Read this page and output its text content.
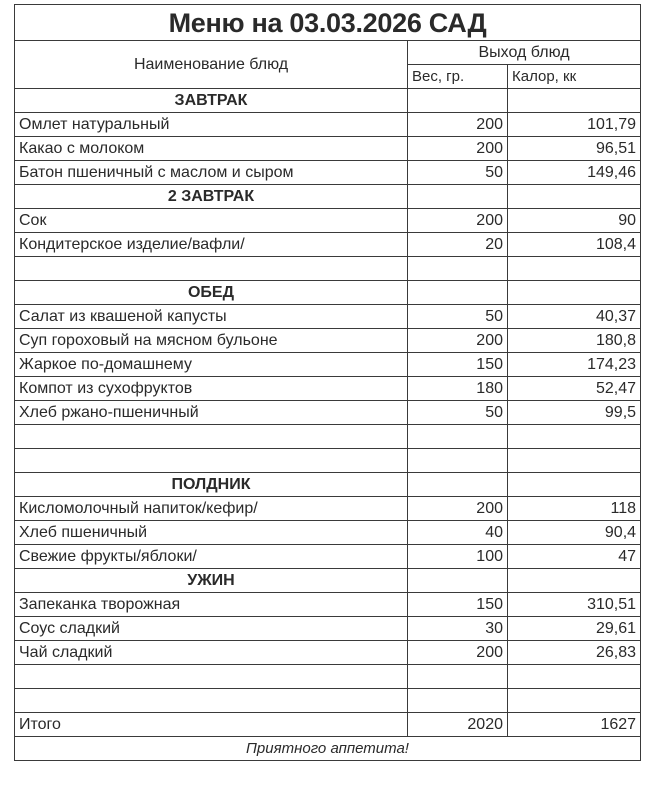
Меню на 03.03.2026 САД		
Наименование блюд	Выход блюд	
	Вес, гр.	Калор, кк
ЗАВТРАК		
Омлет натуральный	200	101,79
Какао с молоком	200	96,51
Батон пшеничный с маслом и сыром	50	149,46
2 ЗАВТРАК		
Сок	200	90
Кондитерское изделие/вафли/	20	108,4

ОБЕД		
Салат из квашеной капусты	50	40,37
Суп гороховый на мясном бульоне	200	180,8
Жаркое по-домашнему	150	174,23
Компот из сухофруктов	180	52,47
Хлеб ржано-пшеничный	50	99,5

ПОЛДНИК		
Кисломолочный напиток/кефир/	200	118
Хлеб пшеничный	40	90,4
Свежие фрукты/яблоки/	100	47
УЖИН		
Запеканка творожная	150	310,51
Соус сладкий	30	29,61
Чай сладкий	200	26,83

Итого	2020	1627
Приятного аппетита!		
